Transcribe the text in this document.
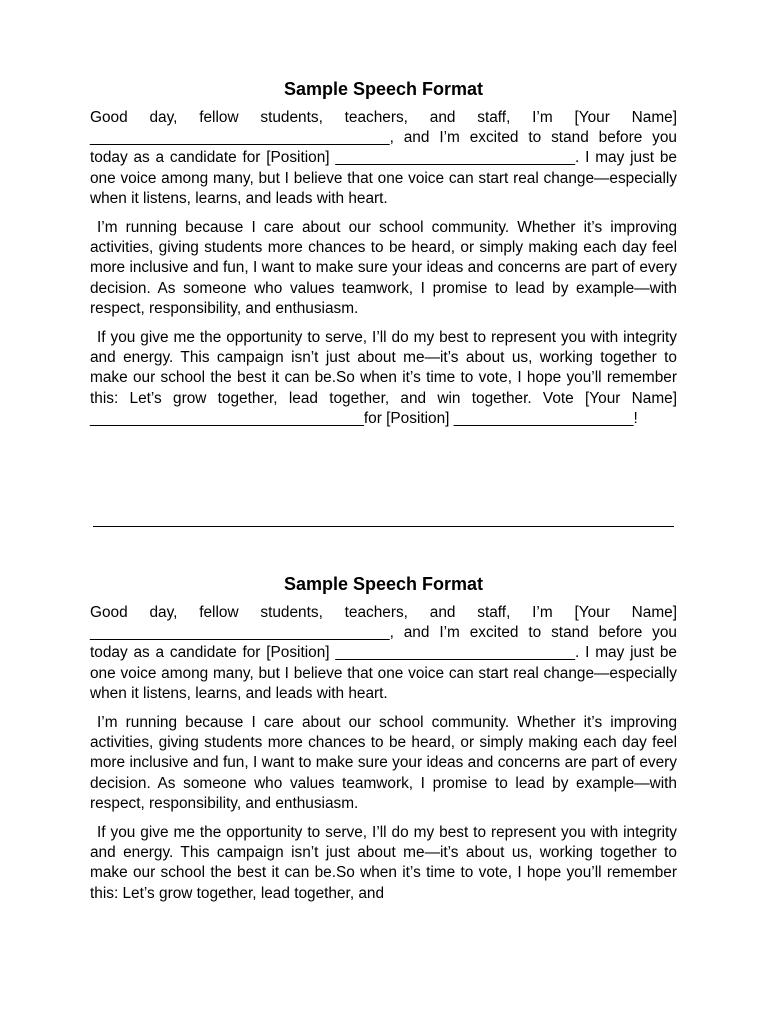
Sample Speech Format

Good day, fellow students, teachers, and staff, I’m [Your Name] ___________________________________, and I’m excited to stand before you today as a candidate for [Position] ____________________________. I may just be one voice among many, but I believe that one voice can start real change—especially when it listens, learns, and leads with heart.

I’m running because I care about our school community. Whether it’s improving activities, giving students more chances to be heard, or simply making each day feel more inclusive and fun, I want to make sure your ideas and concerns are part of every decision. As someone who values teamwork, I promise to lead by example—with respect, responsibility, and enthusiasm.

If you give me the opportunity to serve, I’ll do my best to represent you with integrity and energy. This campaign isn’t just about me—it’s about us, working together to make our school the best it can be.So when it’s time to vote, I hope you’ll remember this: Let’s grow together, lead together, and win together. Vote [Your Name] ________________________________for [Position] _____________________!

Sample Speech Format

Good day, fellow students, teachers, and staff, I’m [Your Name] ___________________________________, and I’m excited to stand before you today as a candidate for [Position] ____________________________. I may just be one voice among many, but I believe that one voice can start real change—especially when it listens, learns, and leads with heart.

I’m running because I care about our school community. Whether it’s improving activities, giving students more chances to be heard, or simply making each day feel more inclusive and fun, I want to make sure your ideas and concerns are part of every decision. As someone who values teamwork, I promise to lead by example—with respect, responsibility, and enthusiasm.

If you give me the opportunity to serve, I’ll do my best to represent you with integrity and energy. This campaign isn’t just about me—it’s about us, working together to make our school the best it can be.So when it’s time to vote, I hope you’ll remember this: Let’s grow together, lead together, and
